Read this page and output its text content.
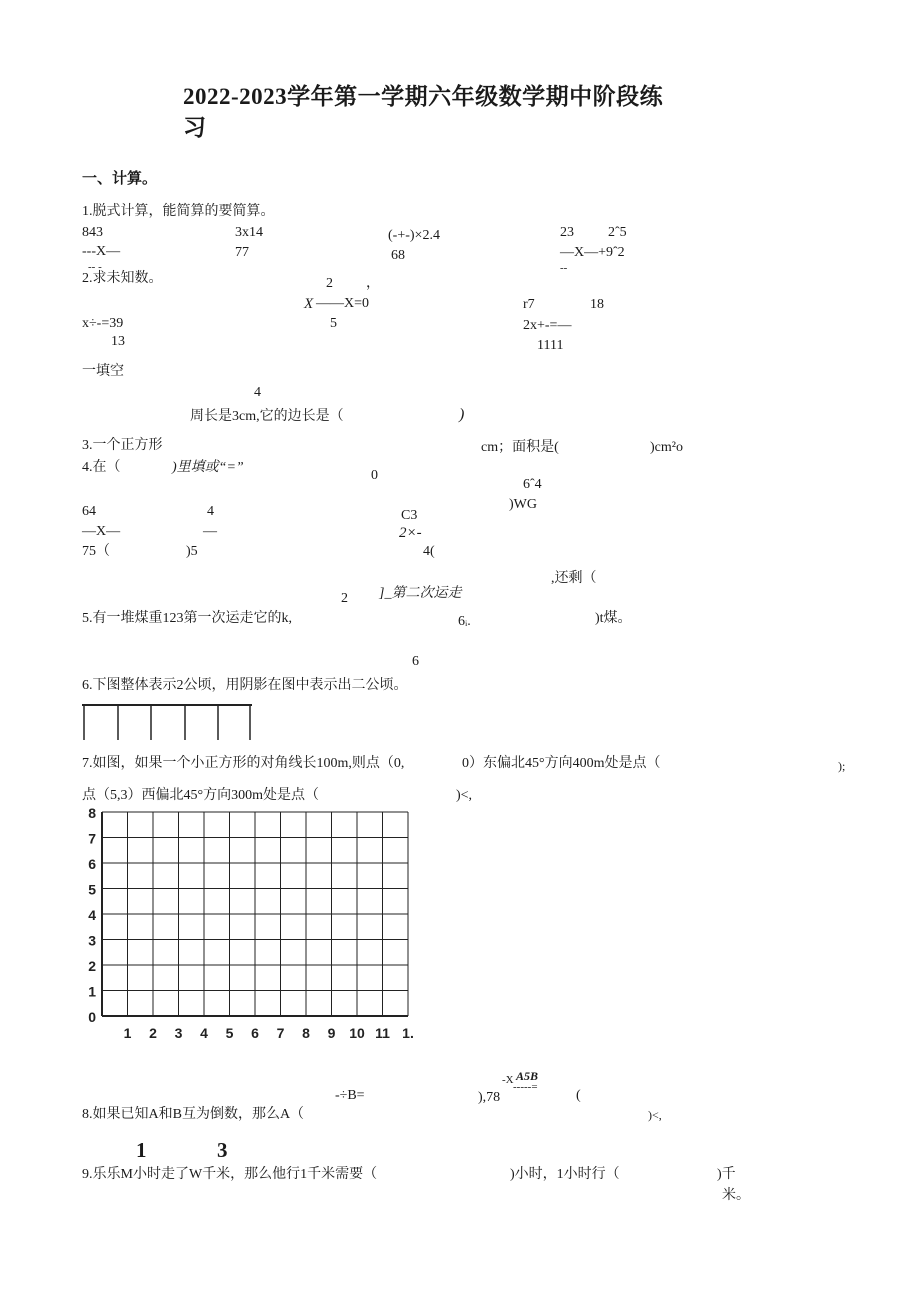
2022-2023学年第一学期六年级数学期中阶段练
习
一、计算。
1.脱式计算，能简算的要简算。
843
---X—
-- -
3x14
77
(-+-)×2.4
68
23 2ˆ5
—X—+9ˆ2
--
2.求未知数。	2 ，
X ——X=0
5
r7	18
x÷-=39	2x+-=—
13	1111
一填空
4
周长是3cm,它的边长是（	)
3.一个正方形	cm；面积是(	)cm²o
4.在（	)里填或“=”
0
6ˆ4
)WG
64	4	C3
—X—	—	2×-
75（	)5	4(
,还剩（
2 ]_第二次运走
5.有一堆煤重123第一次运走它的k,	6ᵢ.	)t煤。
6
6.下图整体表示2公顷，用阴影在图中表示出二公顷。
7.如图，如果一个小正方形的对角线长100m,则点（0,	0）东偏北45°方向400m处是点（	);
点（5,3）西偏北45°方向300m处是点（	)<,
0
1
2
3
4
5
6
7
8
1 2 3 4 5 6 7 8 9 10 11 1.
-÷B=	),78
-X A5B
-----=
(
8.如果已知A和B互为倒数，那么A（	)<,
1	3
9.乐乐M小时走了W千米，那么他行1千米需要（	)小时，1小时行（	)千
米。
